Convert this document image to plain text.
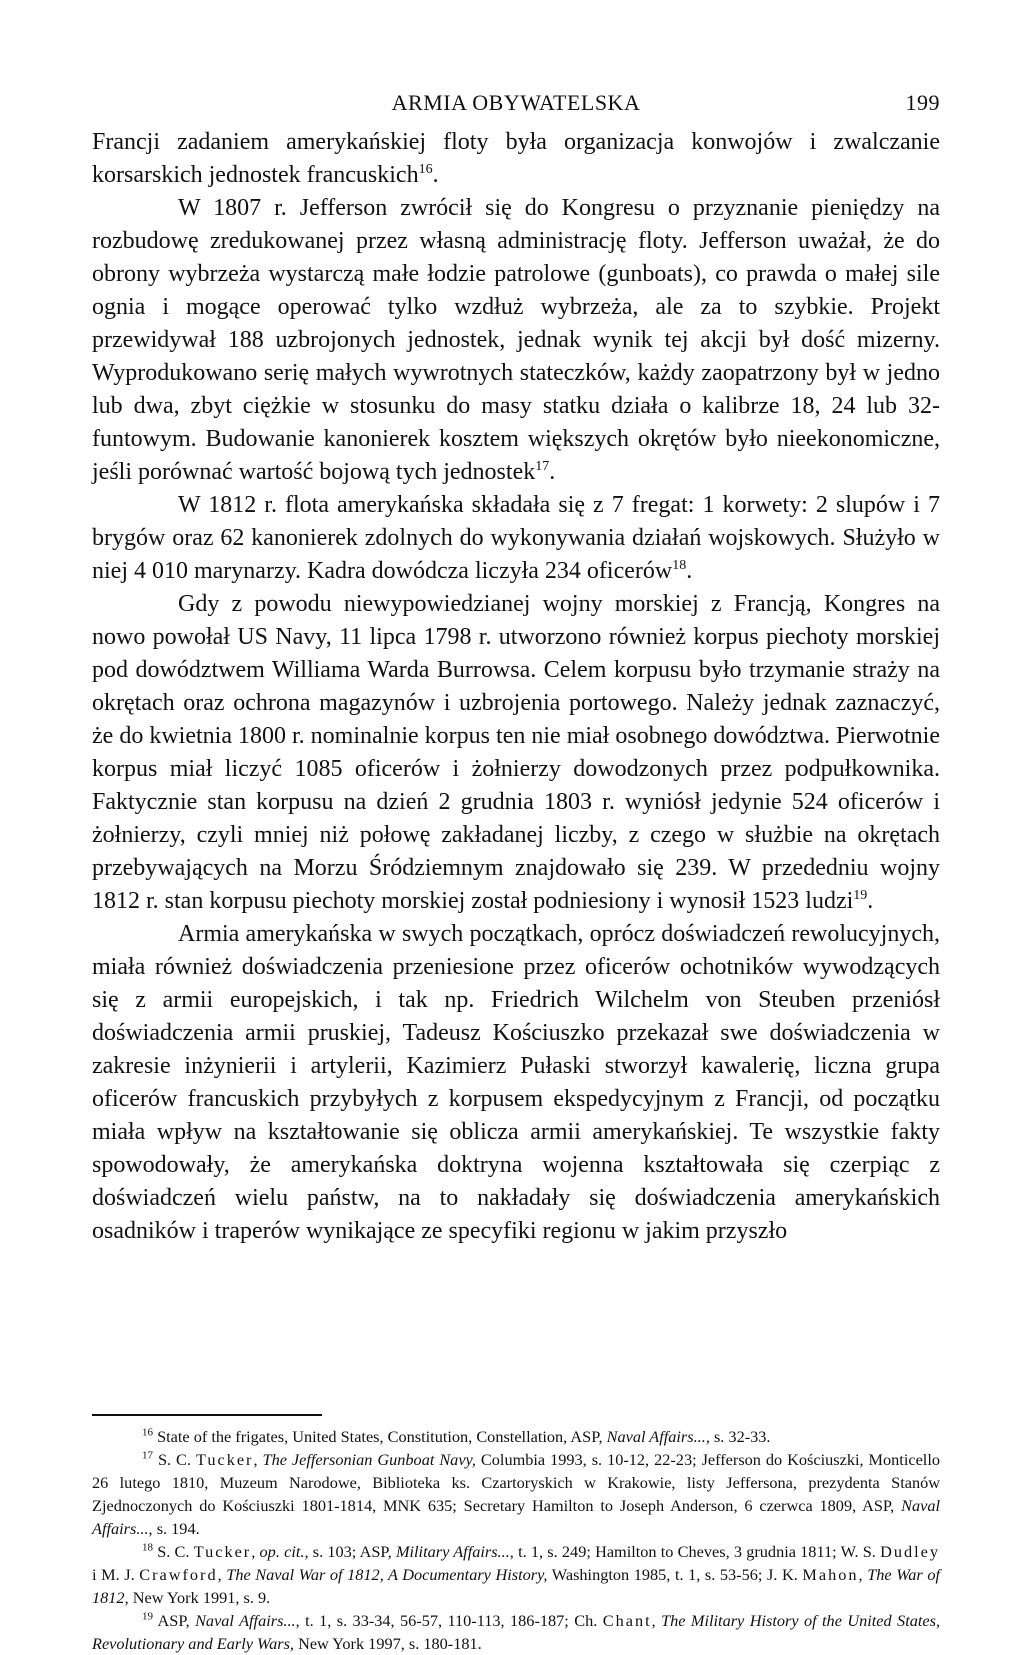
ARMIA OBYWATELSKA	199

Francji zadaniem amerykańskiej floty była organizacja konwojów i zwalczanie korsarskich jednostek francuskich$^{16}$.

W 1807 r. Jefferson zwrócił się do Kongresu o przyznanie pieniędzy na rozbudowę zredukowanej przez własną administrację floty. Jefferson uważał, że do obrony wybrzeża wystarczą małe łodzie patrolowe (gunboats), co prawda o małej sile ognia i mogące operować tylko wzdłuż wybrzeża, ale za to szybkie. Projekt przewidywał 188 uzbrojonych jednostek, jednak wynik tej akcji był dość mizerny. Wyprodukowano serię małych wywrotnych stateczków, każdy zaopatrzony był w jedno lub dwa, zbyt ciężkie w stosunku do masy statku działa o kalibrze 18, 24 lub 32-funtowym. Budowanie kanonierek kosztem większych okrętów było nieekonomiczne, jeśli porównać wartość bojową tych jednostek$^{17}$.

W 1812 r. flota amerykańska składała się z 7 fregat: 1 korwety: 2 slupów i 7 brygów oraz 62 kanonierek zdolnych do wykonywania działań wojskowych. Służyło w niej 4 010 marynarzy. Kadra dowódcza liczyła 234 oficerów$^{18}$.

Gdy z powodu niewypowiedzianej wojny morskiej z Francją, Kongres na nowo powołał US Navy, 11 lipca 1798 r. utworzono również korpus piechoty morskiej pod dowództwem Williama Warda Burrowsa. Celem korpusu było trzymanie straży na okrętach oraz ochrona magazynów i uzbrojenia portowego. Należy jednak zaznaczyć, że do kwietnia 1800 r. nominalnie korpus ten nie miał osobnego dowództwa. Pierwotnie korpus miał liczyć 1085 oficerów i żołnierzy dowodzonych przez podpułkownika. Faktycznie stan korpusu na dzień 2 grudnia 1803 r. wyniósł jedynie 524 oficerów i żołnierzy, czyli mniej niż połowę zakładanej liczby, z czego w służbie na okrętach przebywających na Morzu Śródziemnym znajdowało się 239. W przededniu wojny 1812 r. stan korpusu piechoty morskiej został podniesiony i wynosił 1523 ludzi$^{19}$.

Armia amerykańska w swych początkach, oprócz doświadczeń rewolucyjnych, miała również doświadczenia przeniesione przez oficerów ochotników wywodzących się z armii europejskich, i tak np. Friedrich Wilchelm von Steuben przeniósł doświadczenia armii pruskiej, Tadeusz Kościuszko przekazał swe doświadczenia w zakresie inżynierii i artylerii, Kazimierz Pułaski stworzył kawalerię, liczna grupa oficerów francuskich przybyłych z korpusem ekspedycyjnym z Francji, od początku miała wpływ na kształtowanie się oblicza armii amerykańskiej. Te wszystkie fakty spowodowały, że amerykańska doktryna wojenna kształtowała się czerpiąc z doświadczeń wielu państw, na to nakładały się doświadczenia amerykańskich osadników i traperów wynikające ze specyfiki regionu w jakim przyszło

$^{16}$ State of the frigates, United States, Constitution, Constellation, ASP, Naval Affairs..., s. 32-33.

$^{17}$ S. C. Tucker, The Jeffersonian Gunboat Navy, Columbia 1993, s. 10-12, 22-23; Jefferson do Kościuszki, Monticello 26 lutego 1810, Muzeum Narodowe, Biblioteka ks. Czartoryskich w Krakowie, listy Jeffersona, prezydenta Stanów Zjednoczonych do Kościuszki 1801-1814, MNK 635; Secretary Hamilton to Joseph Anderson, 6 czerwca 1809, ASP, Naval Affairs..., s. 194.

$^{18}$ S. C. Tucker, op. cit., s. 103; ASP, Military Affairs..., t. 1, s. 249; Hamilton to Cheves, 3 grudnia 1811; W. S. Dudley i M. J. Crawford, The Naval War of 1812, A Documentary History, Washington 1985, t. 1, s. 53-56; J. K. Mahon, The War of 1812, New York 1991, s. 9.

$^{19}$ ASP, Naval Affairs..., t. 1, s. 33-34, 56-57, 110-113, 186-187; Ch. Chant, The Military History of the United States, Revolutionary and Early Wars, New York 1997, s. 180-181.
